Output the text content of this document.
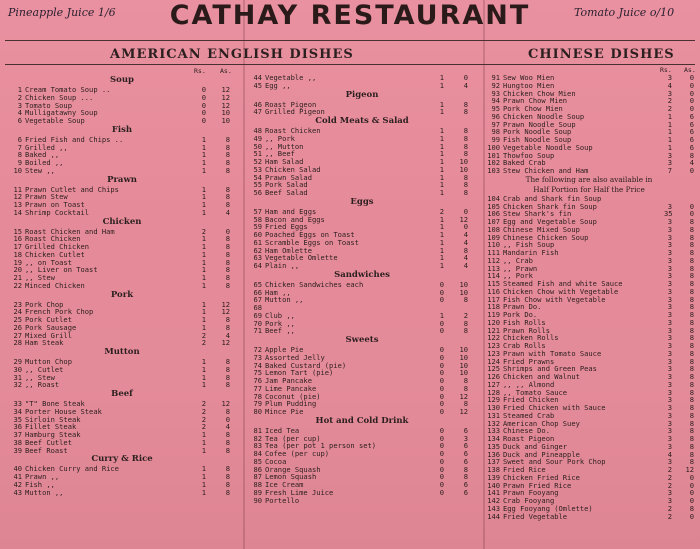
Pineapple Juice 1/6	CATHAY RESTAURANT	Tomato Juice o/10
AMERICAN ENGLISH DISHES	CHINESE DISHES
Rs. As.
Soup
1 Cream Tomato Soup ..	0	12
2 Chicken Soup ...	0	12
3 Tomato Soup	0	12
4 Mulligatawny Soup	0	10
6 Vegetable Soup	0	10
Fish
6 Fried Fish and Chips ..	1	8
7 Grilled ,,	1	8
8 Baked ,,	1	8
9 Boiled ,,	1	8
10 Stew ,,	1	8
Prawn
11 Prawn Cutlet and Chips	1	8
12 Prawn Stew	1	8
13 Prawn on Toast	1	8
14 Shrimp Cocktail	1	4
Chicken
15 Roast Chicken and Ham	2	0
16 Roast Chicken	1	8
17 Grilled Chicken	1	8
18 Chicken Cutlet	1	8
19 ,, on Toast	1	8
20 ,, Liver on Toast	1	8
21 ,, Stew	1	8
22 Minced Chicken	1	8
Pork
23 Pork Chop	1	12
24 French Pork Chop	1	12
25 Pork Cutlet	1	8
26 Pork Sausage	1	8
27 Mixed Grill	2	4
28 Ham Steak	2	12
Mutton
29 Mutton Chop	1	8
30 ,, Cutlet	1	8
31 ,, Stew	1	8
32 ,, Roast	1	8
Beef
33 "T" Bone Steak	2	12
34 Porter House Steak	2	8
35 Sirloin Steak	2	0
36 Fillet Steak	2	4
37 Hamburg Steak	1	8
38 Beef Cutlet	1	8
39 Beef Roast	1	8
Curry & Rice
40 Chicken Curry and Rice	1	8
41 Prawn ,,	1	8
42 Fish ,,	1	8
43 Mutton ,,	1	8
44 Vegetable ,,	1	0
45 Egg ,,	1	4
Pigeon
46 Roast Pigeon	1	8
47 Grilled Pigeon	1	8
Cold Meats & Salad
48 Roast Chicken	1	8
49 ,, Pork	1	8
50 ,, Mutton	1	8
51 ,, Beef	1	8
52 Ham Salad	1	10
53 Chicken Salad	1	10
54 Prawn Salad	1	8
55 Pork Salad	1	8
56 Beef Salad	1	8
Eggs
57 Ham and Eggs	2	0
58 Bacon and Eggs	1	12
59 Fried Eggs	1	0
60 Poached Eggs on Toast	1	4
61 Scramble Eggs on Toast	1	4
62 Ham Omlette	1	8
63 Vegetable Omlette	1	4
64 Plain ,,	1	4
Sandwiches
65 Chicken Sandwiches each	0	10
66 Ham ,,	0	10
67 Mutton ,,	0	8
68
69 Club ,,	1	2
70 Pork ,,	0	8
71 Beef ,,	0	8
Sweets
72 Apple Pie	0	10
73 Assorted Jelly	0	10
74 Baked Custard (pie)	0	10
75 Lemon Tart (pie)	0	10
76 Jam Pancake	0	8
77 Lime Pancake	0	8
78 Coconut (pie)	0	12
79 Plum Pudding	0	8
80 Mince Pie	0	12
Hot and Cold Drink
81 Iced Tea	0	6
82 Tea (per cup)	0	3
83 Tea (per pot 1 person set)	0	6
84 Cofee (per cup)	0	6
85 Cocoa	0	6
86 Orange Squash	0	8
87 Lemon Squash	0	8
88 Ice Cream	0	6
89 Fresh Lime Juice	0	6
90 Portello
Rs. As.
91 Sew Woo Mien	3	0
92 Hungtoo Mien	4	0
93 Chicken Chow Mien	3	0
94 Prawn Chow Mien	2	0
95 Pork Chow Mien	2	0
96 Chicken Noodle Soup	1	6
97 Prawn Noodle Soup	1	6
98 Pork Noodle Soup	1	6
99 Fish Noodle Soup	1	6
100 Vegetable Noodle Soup	1	6
101 Thowfoo Soup	3	8
102 Baked Crab	3	4
103 Stew Chicken and Ham	7	0
The following are also available in
Half Portion for Half the Price
104 Crab and Shark fin Soup
105 Chicken Shark fin Soup	3	0
106 Stew Shark's fin	35	0
107 Egg and Vegetable Soup	3	8
108 Chinese Mixed Soup	3	8
109 Chinese Chicken Soup	3	8
110 ,, Fish Soup	3	8
111 Mandarin Fish	3	8
112 ,, Crab	3	8
113 ,, Prawn	3	8
114 ,, Pork	3	8
115 Steamed Fish and white Sauce	3	8
116 Chicken Chow with Vegetable	3	8
117 Fish Chow with Vegetable	3	8
118 Prawn Do.	3	8
119 Pork Do.	3	8
120 Fish Rolls	3	8
121 Prawn Rolls	3	8
122 Chicken Rolls	3	8
123 Crab Rolls	3	8
123 Prawn with Tomato Sauce	3	8
124 Fried Prawns	3	8
125 Shrimps and Green Peas	3	8
126 Chicken and Walnut	3	8
127 ,, ,, Almond	3	8
128 ,, Tomato Sauce	3	8
129 Fried Chicken	3	8
130 Fried Chicken with Sauce	3	8
131 Steamed Crab	3	8
132 American Chop Suey	3	8
133 Chinese Do.	3	8
134 Roast Pigeon	3	8
135 Duck and Ginger	3	8
136 Duck and Pineapple	4	8
137 Sweet and Sour Pork Chop	3	8
138 Fried Rice	2	12
139 Chicken Fried Rice	2	0
140 Prawn Fried Rice	2	0
141 Prawn Fooyang	3	0
142 Crab Fooyang	3	0
143 Egg Fooyang (Omlette)	2	8
144 Fried Vegetable	2	0
